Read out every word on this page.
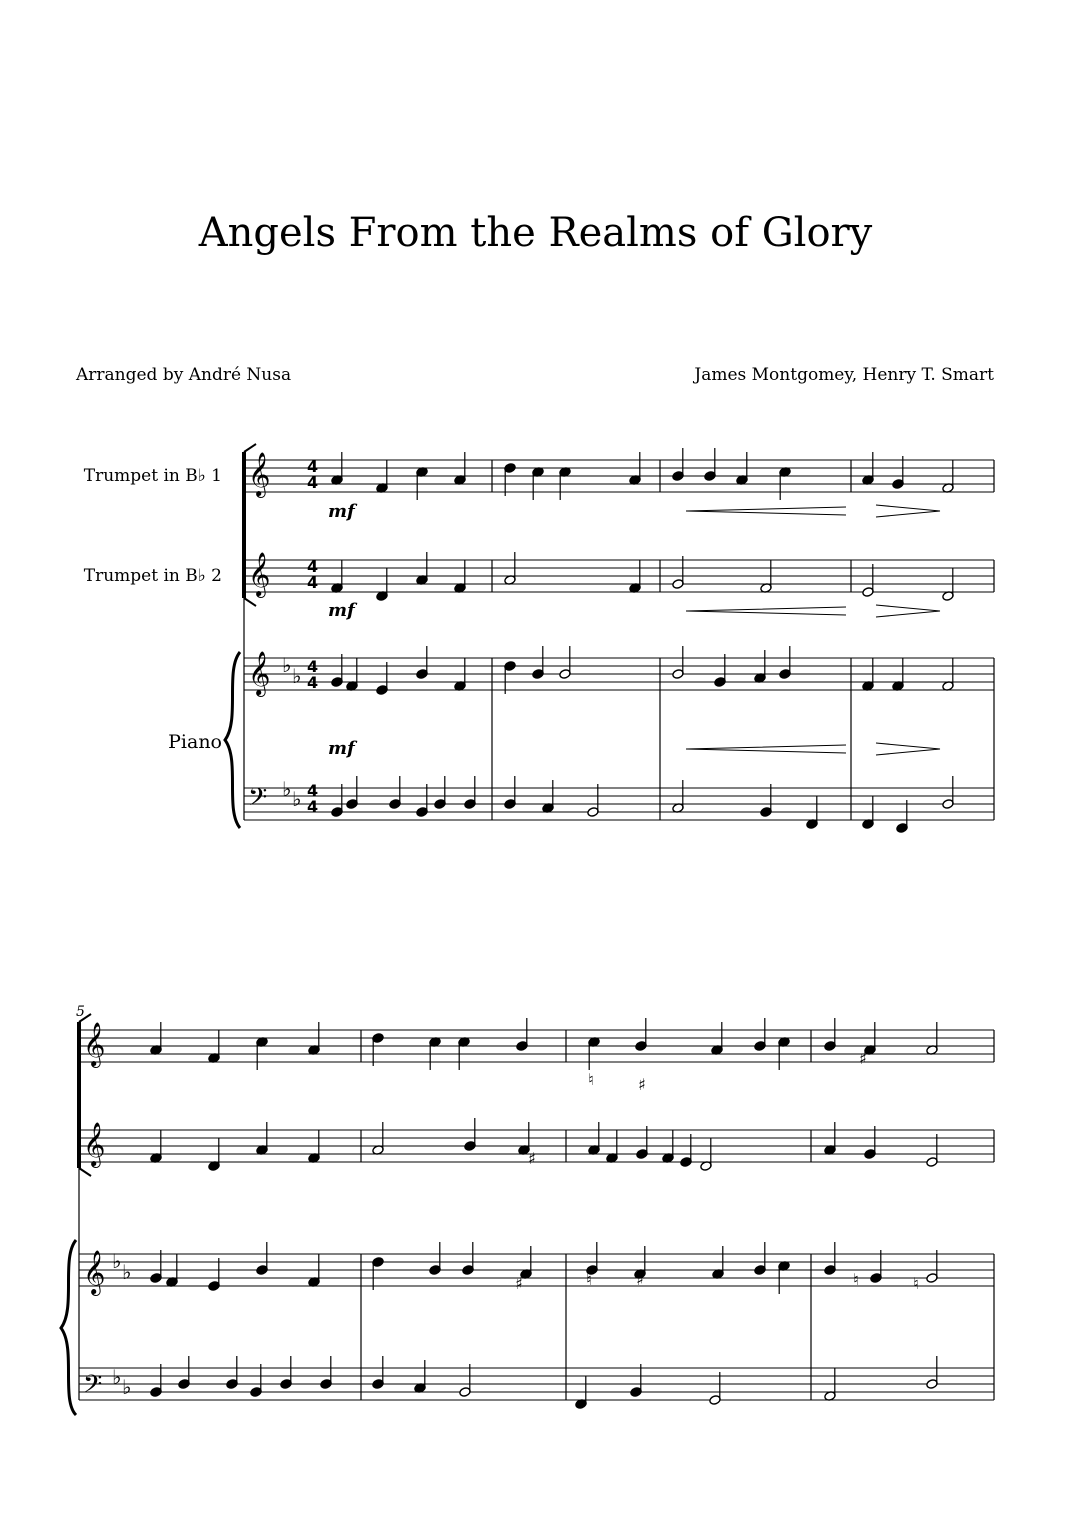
Angels From the Realms of Glory
Arranged by André Nusa	James Montgomey, Henry T. Smart
Trumpet in B♭ 1
Trumpet in B♭ 2
Piano
♯
♮	♯
♯
♯	♮	♯	♮	♮
𝄞
𝄞
𝄞
𝄢
𝄞
𝄞
𝄞
𝄢
♭ ♭
♭ ♭
♭ ♭
♭ ♭
4
4
4
4
4
4
4
4
mf
mf
mf
5
